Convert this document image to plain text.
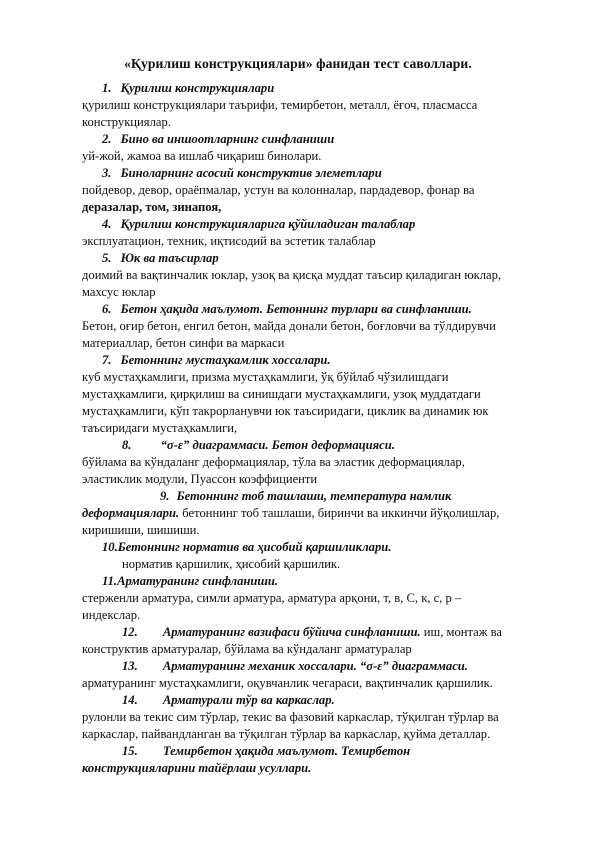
«Қурилиш конструкциялари» фанидан тест саволлари.
1. Қурилиш конструкциялари
қурилиш конструкциялари таърифи, темирбетон, металл, ёғоч, пласмасса
конструкциялар.
2. Бино ва иншоотларнинг синфланиши
уй-жой, жамоа ва ишлаб чиқариш бинолари.
3. Биноларнинг асосий конструктив элеметлари
пойдевор, девор, ораёпмалар, устун ва колонналар, пардадевор, фонар ва
деразалар, том, зинапоя,
4. Қурилиш конструкцияларига қўйиладиган талаблар
эксплуатацион, техник, иқтисодий ва эстетик талаблар
5. Юк ва таъсирлар
доимий ва вақтинчалик юклар, узоқ ва қисқа муддат таъсир қиладиган юклар,
махсус юклар
6. Бетон ҳақида маълумот. Бетоннинг турлари ва синфланиши.
Бетон, оғир бетон, енгил бетон, майда донали бетон, боғловчи ва тўлдирувчи
материаллар, бетон синфи ва маркаси
7. Бетоннинг мустаҳкамлик хоссалари.
куб мустаҳкамлиги, призма мустаҳкамлиги, ўқ бўйлаб чўзилишдаги
мустаҳкамлиги, қирқилиш ва синишдаги мустаҳкамлиги, узоқ муддатдаги
мустаҳкамлиги, кўп такрорланувчи юк таъсиридаги, циклик ва динамик юк
таъсиридаги мустаҳкамлиги,
8. “σ-ε” диаграммаси. Бетон деформацияси.
бўйлама ва кўндаланг деформациялар, тўла ва эластик деформациялар,
эластиклик модули, Пуассон коэффициенти
9. Бетоннинг тоб ташлаши, температура намлик
деформациялари. бетоннинг тоб ташлаши, биринчи ва иккинчи йўқолишлар,
киришиши, шишиши.
10.Бетоннинг норматив ва ҳисобий қаршиликлари.
норматив қаршилик, ҳисобий қаршилик.
11.Арматуранинг синфланиши.
стерженли арматура, симли арматура, арматура арқони, т, в, С, к, с, р –
индекслар.
12. Арматуранинг вазифаси бўйича синфланиши. иш, монтаж ва
конструктив арматуралар, бўйлама ва кўндаланг арматуралар
13. Арматуранинг механик хоссалари. “σ-ε” диаграммаси.
арматуранинг мустаҳкамлиги, оқувчанлик чегараси, вақтинчалик қаршилик.
14. Арматурали тўр ва каркаслар.
рулонли ва текис сим тўрлар, текис ва фазовий каркаслар, тўқилган тўрлар ва
каркаслар, пайвандланган ва тўқилган тўрлар ва каркаслар, қуйма деталлар.
15. Темирбетон ҳақида маълумот. Темирбетон
конструкцияларини тайёрлаш усуллари.
